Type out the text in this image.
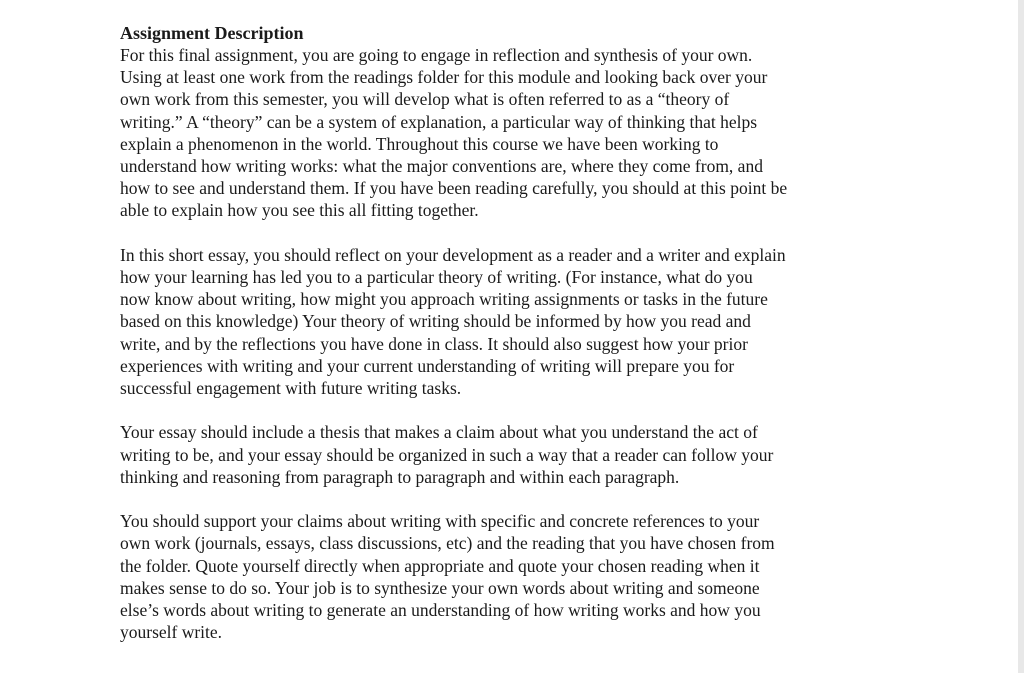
Assignment Description

For this final assignment, you are going to engage in reflection and synthesis of your own.
Using at least one work from the readings folder for this module and looking back over your
own work from this semester, you will develop what is often referred to as a “theory of
writing.” A “theory” can be a system of explanation, a particular way of thinking that helps
explain a phenomenon in the world. Throughout this course we have been working to
understand how writing works: what the major conventions are, where they come from, and
how to see and understand them. If you have been reading carefully, you should at this point be
able to explain how you see this all fitting together.

In this short essay, you should reflect on your development as a reader and a writer and explain
how your learning has led you to a particular theory of writing. (For instance, what do you
now know about writing, how might you approach writing assignments or tasks in the future
based on this knowledge) Your theory of writing should be informed by how you read and
write, and by the reflections you have done in class. It should also suggest how your prior
experiences with writing and your current understanding of writing will prepare you for
successful engagement with future writing tasks.

Your essay should include a thesis that makes a claim about what you understand the act of
writing to be, and your essay should be organized in such a way that a reader can follow your
thinking and reasoning from paragraph to paragraph and within each paragraph.

You should support your claims about writing with specific and concrete references to your
own work (journals, essays, class discussions, etc) and the reading that you have chosen from
the folder. Quote yourself directly when appropriate and quote your chosen reading when it
makes sense to do so. Your job is to synthesize your own words about writing and someone
else’s words about writing to generate an understanding of how writing works and how you
yourself write.
